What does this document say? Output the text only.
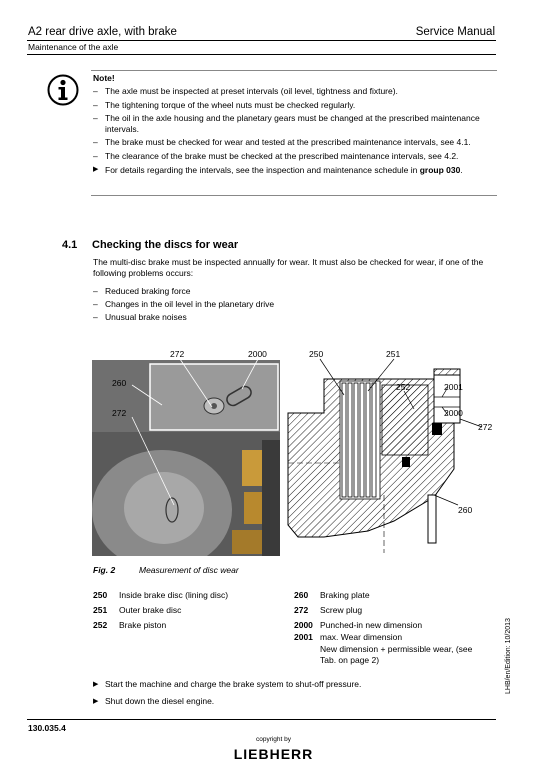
A2 rear drive axle, with brake	Service Manual
Maintenance of the axle
Note!
– The axle must be inspected at preset intervals (oil level, tightness and fixture).
– The tightening torque of the wheel nuts must be checked regularly.
– The oil in the axle housing and the planetary gears must be changed at the prescribed maintenance intervals.
– The brake must be checked for wear and tested at the prescribed maintenance intervals, see 4.1.
– The clearance of the brake must be checked at the prescribed maintenance intervals, see 4.2.
▶ For details regarding the intervals, see the inspection and maintenance schedule in group 030.
4.1 Checking the discs for wear
The multi-disc brake must be inspected annually for wear. It must also be checked for wear, if one of the following problems occurs:
– Reduced braking force
– Changes in the oil level in the planetary drive
– Unusual brake noises
272	2000
260
272
250	251
252	2001
2000
272
260
Fig. 2	Measurement of disc wear
250 Inside brake disc (lining disc)
251 Outer brake disc
252 Brake piston
260 Braking plate
272 Screw plug
2000 Punched-in new dimension
2001 max. Wear dimension
New dimension + permissible wear, (see
Tab. on page 2)
▶ Start the machine and charge the brake system to shut-off pressure.
▶ Shut down the diesel engine.
LHB/en/Edition: 10/2013
130.035.4
copyright by
LIEBHERR
